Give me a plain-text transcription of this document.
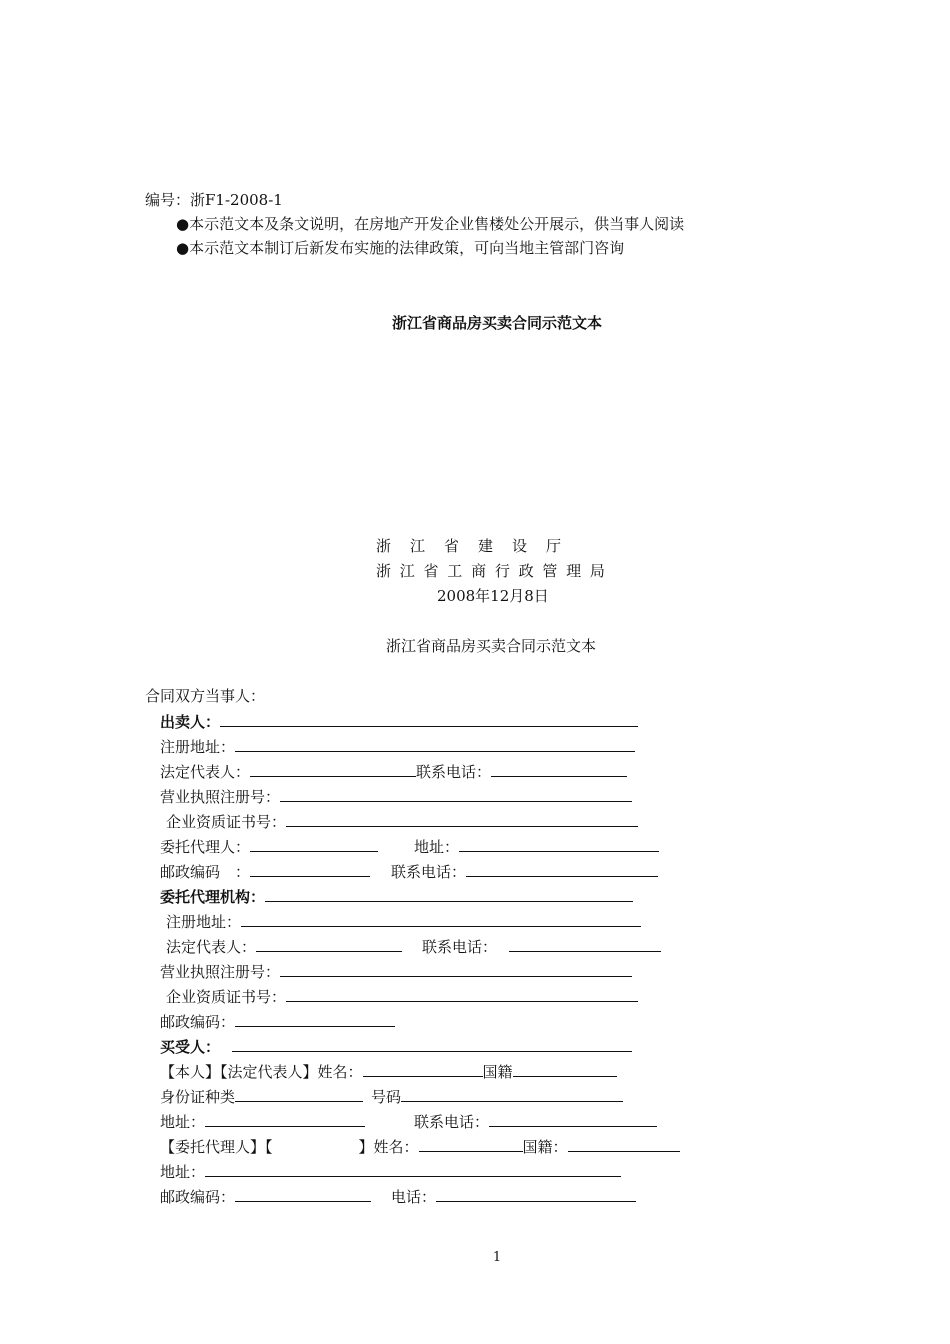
编号：浙F1-2008-1
●本示范文本及条文说明，在房地产开发企业售楼处公开展示，供当事人阅读
●本示范文本制订后新发布实施的法律政策，可向当地主管部门咨询
浙江省商品房买卖合同示范文本
浙　江　省　建　设　厅
浙 江 省 工 商 行 政 管 理 局
2008年12月8日
浙江省商品房买卖合同示范文本
合同双方当事人：
出卖人：
注册地址：
法定代表人：	联系电话：
营业执照注册号：
企业资质证书号：
委托代理人：	地址：
邮政编码　：	联系电话：
委托代理机构：
注册地址：
法定代表人：	联系电话：
营业执照注册号：
企业资质证书号：
邮政编码：
买受人：
【本人】【法定代表人】姓名：	国籍
身份证种类	号码
地址：	联系电话：
【委托代理人】【	】姓名：	国籍：
地址：
邮政编码：	电话：
1
